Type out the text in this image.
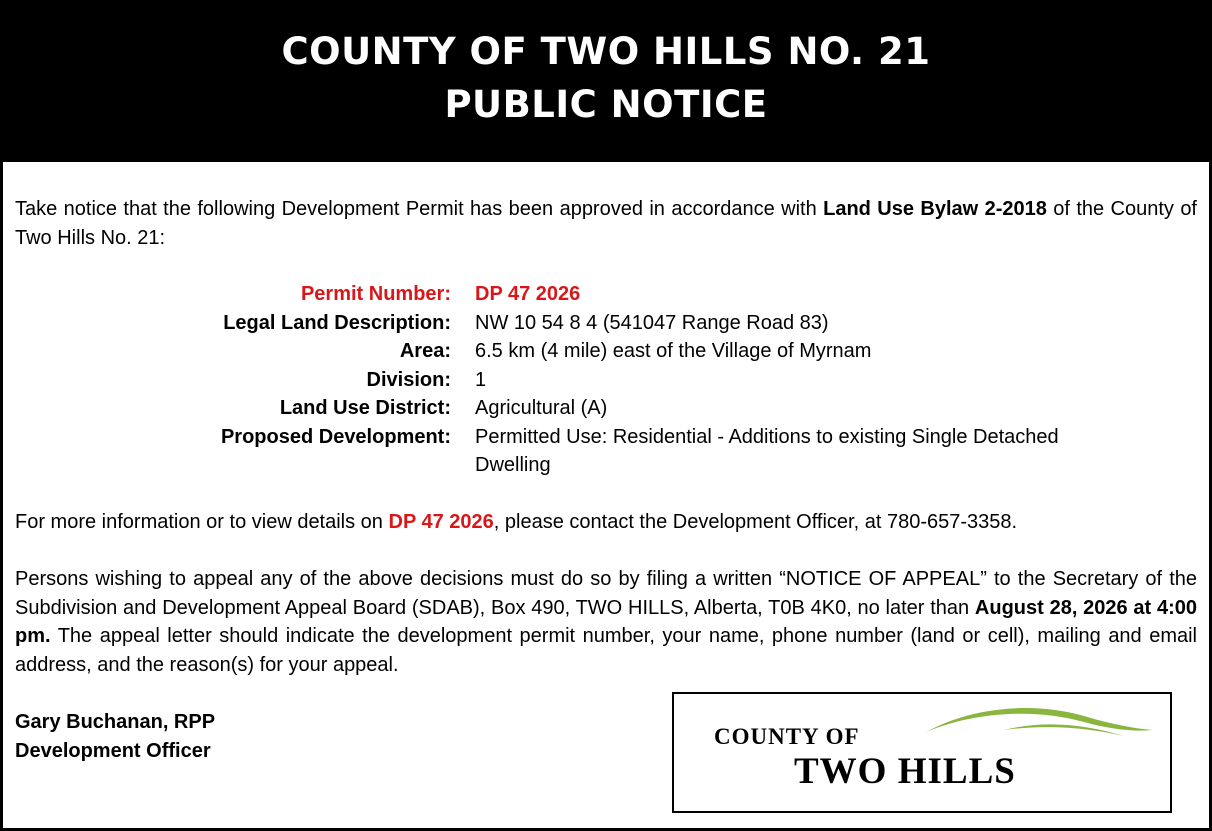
COUNTY OF TWO HILLS NO. 21
PUBLIC NOTICE
Take notice that the following Development Permit has been approved in accordance with Land Use Bylaw 2-2018 of the County of Two Hills No. 21:
Permit Number: DP 47 2026
Legal Land Description: NW 10 54 8 4 (541047 Range Road 83)
Area: 6.5 km (4 mile) east of the Village of Myrnam
Division: 1
Land Use District: Agricultural (A)
Proposed Development: Permitted Use: Residential - Additions to existing Single Detached Dwelling
For more information or to view details on DP 47 2026, please contact the Development Officer, at 780-657-3358.
Persons wishing to appeal any of the above decisions must do so by filing a written “NOTICE OF APPEAL” to the Secretary of the Subdivision and Development Appeal Board (SDAB), Box 490, TWO HILLS, Alberta, T0B 4K0, no later than August 28, 2026 at 4:00 pm. The appeal letter should indicate the development permit number, your name, phone number (land or cell), mailing and email address, and the reason(s) for your appeal.
Gary Buchanan, RPP
Development Officer
COUNTY OF
TWO HILLS
